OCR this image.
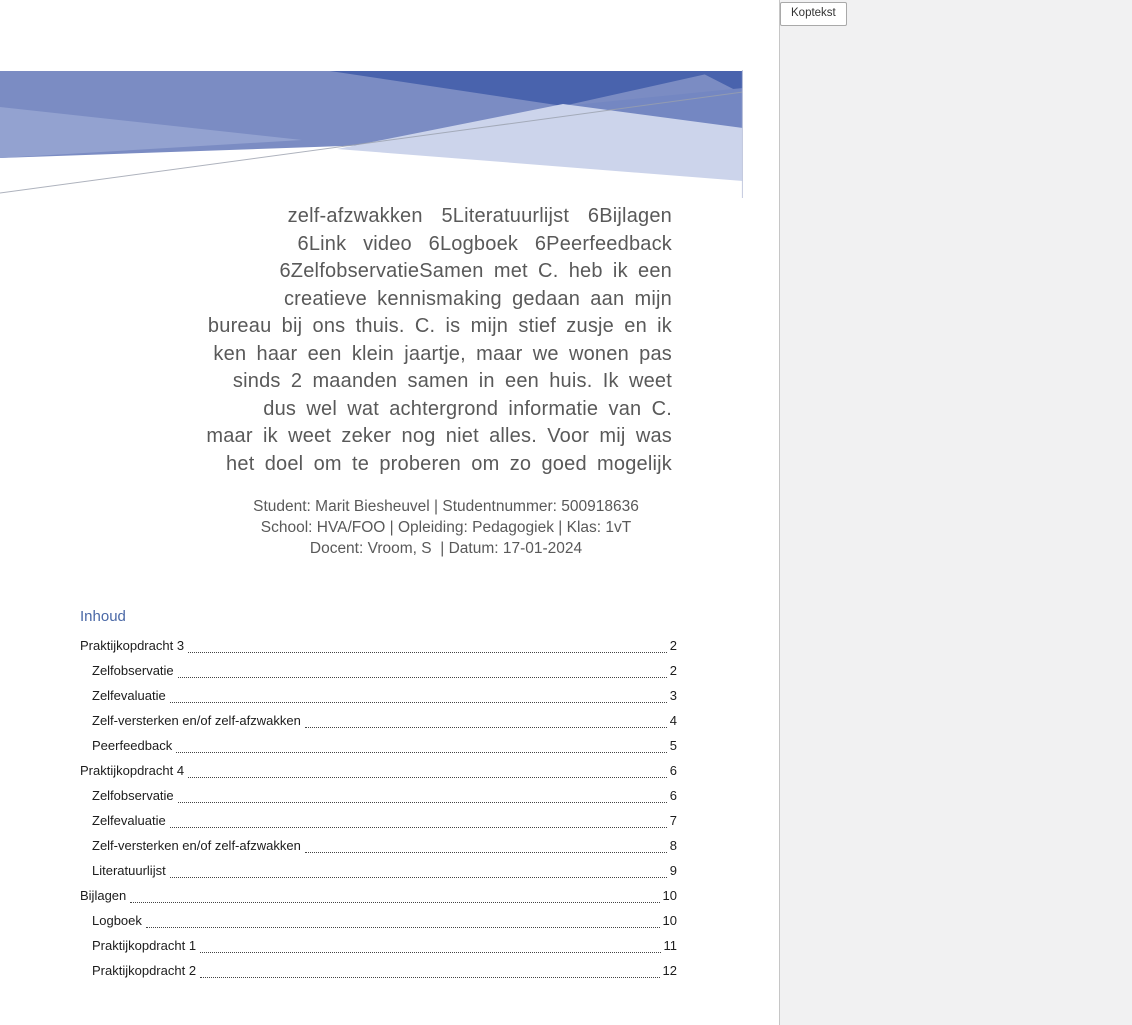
zelf-afzwakken 5Literatuurlijst 6Bijlagen
6Link video 6Logboek 6Peerfeedback
6ZelfobservatieSamen met C. heb ik een
creatieve kennismaking gedaan aan mijn
bureau bij ons thuis. C. is mijn stief zusje en ik
ken haar een klein jaartje, maar we wonen pas
sinds 2 maanden samen in een huis. Ik weet
dus wel wat achtergrond informatie van C.
maar ik weet zeker nog niet alles. Voor mij was
het doel om te proberen om zo goed mogelijk
Student: Marit Biesheuvel | Studentnummer: 500918636
School: HVA/FOO | Opleiding: Pedagogiek | Klas: 1vT
Docent: Vroom, S  | Datum: 17-01-2024
Inhoud
Praktijkopdracht 3	2
Zelfobservatie	2
Zelfevaluatie	3
Zelf-versterken en/of zelf-afzwakken	4
Peerfeedback	5
Praktijkopdracht 4	6
Zelfobservatie	6
Zelfevaluatie	7
Zelf-versterken en/of zelf-afzwakken	8
Literatuurlijst	9
Bijlagen	10
Logboek	10
Praktijkopdracht 1	11
Praktijkopdracht 2	12
Koptekst
